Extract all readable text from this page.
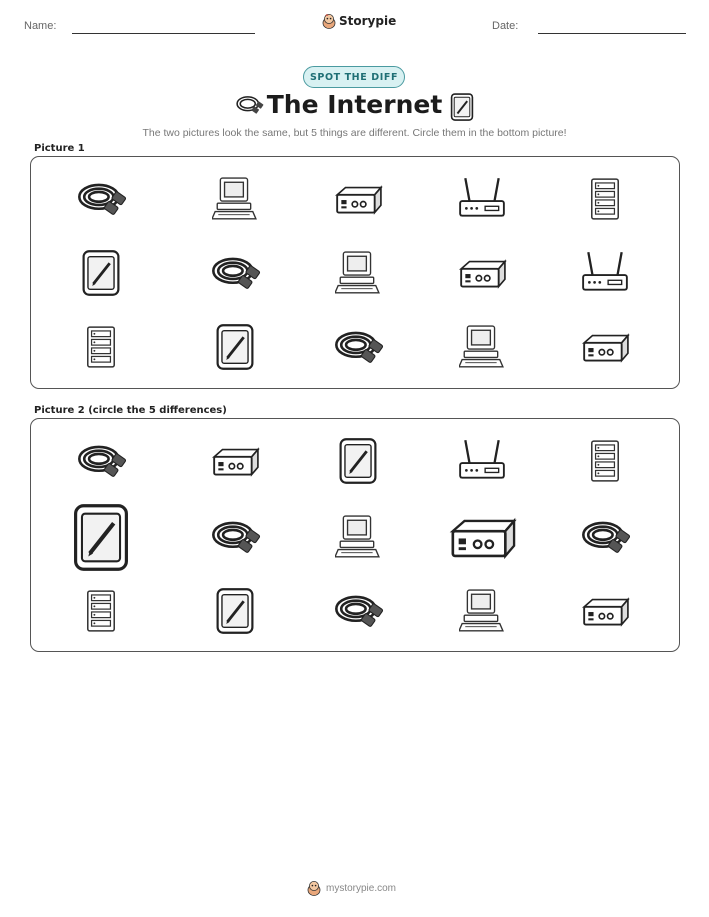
Name:	Storypie	Date:
SPOT THE DIFF
The Internet
The two pictures look the same, but 5 things are different. Circle them in the bottom picture!
Picture 1
Picture 2 (circle the 5 differences)
mystorypie.com
